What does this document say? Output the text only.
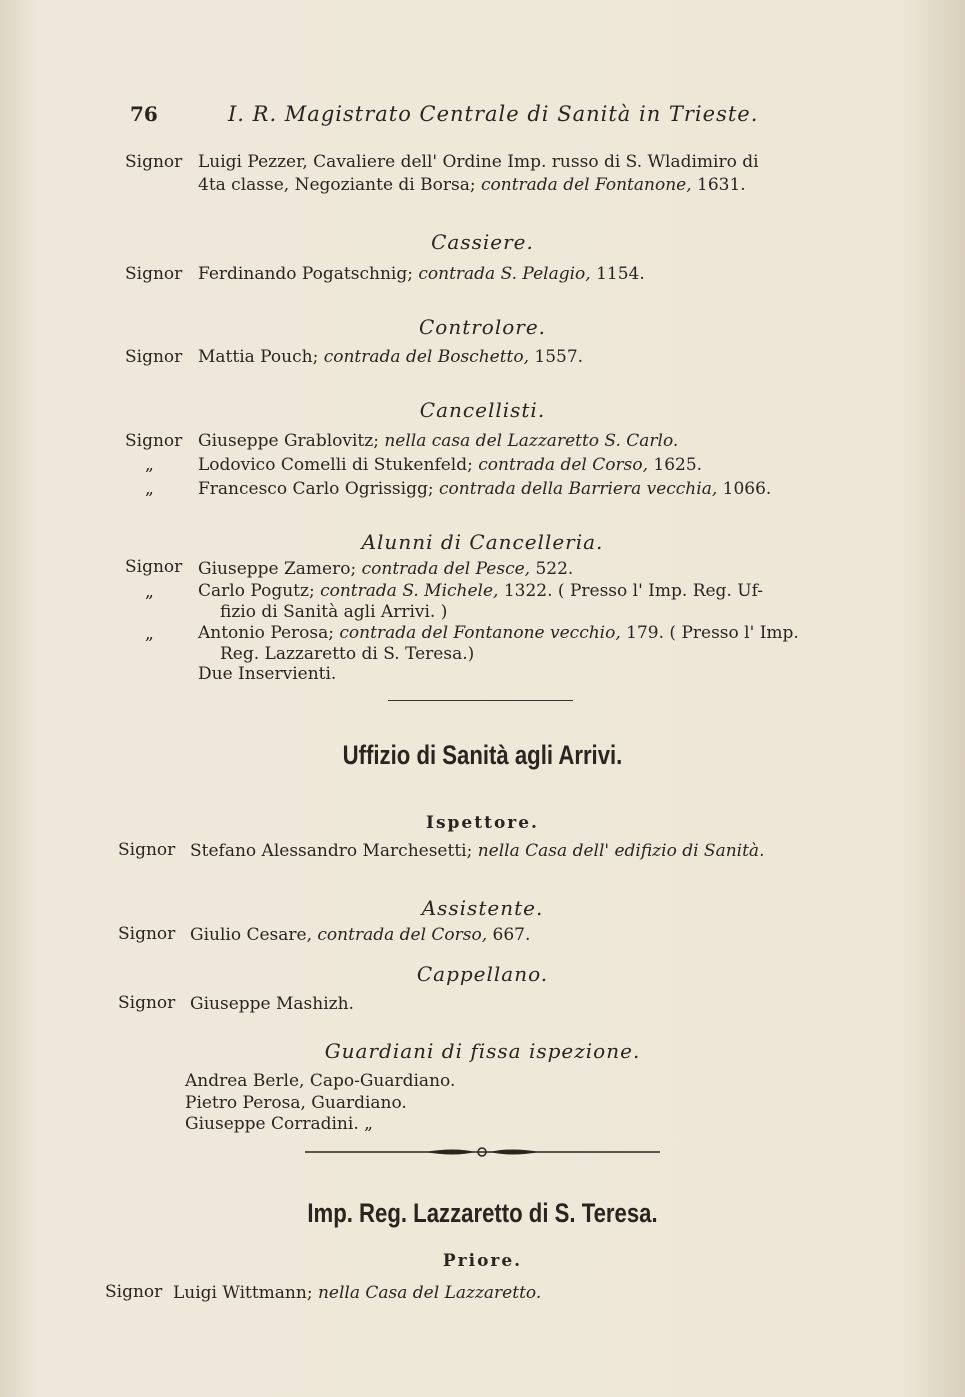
76	I. R. Magistrato Centrale di Sanità in Trieste.
Signor Luigi Pezzer, Cavaliere dell' Ordine Imp. russo di S. Wladimiro di
4ta classe, Negoziante di Borsa; contrada del Fontanone, 1631.
Cassiere.
Signor Ferdinando Pogatschnig; contrada S. Pelagio, 1154.
Controlore.
Signor Mattia Pouch; contrada del Boschetto, 1557.
Cancellisti.
Signor Giuseppe Grablovitz; nella casa del Lazzaretto S. Carlo.
„	Lodovico Comelli di Stukenfeld; contrada del Corso, 1625.
„	Francesco Carlo Ogrissigg; contrada della Barriera vecchia, 1066.
Alunni di Cancelleria.
Signor Giuseppe Zamero; contrada del Pesce, 522.
„	Carlo Pogutz; contrada S. Michele, 1322. ( Presso l' Imp. Reg. Uf-
fizio di Sanità agli Arrivi. )
„	Antonio Perosa; contrada del Fontanone vecchio, 179. ( Presso l' Imp.
Reg. Lazzaretto di S. Teresa.)
Due Inservienti.
Uffizio di Sanità agli Arrivi.
Ispettore.
Signor Stefano Alessandro Marchesetti; nella Casa dell' edifizio di Sanità.
Assistente.
Signor Giulio Cesare, contrada del Corso, 667.
Cappellano.
Signor Giuseppe Mashizh.
Guardiani di fissa ispezione.
Andrea Berle, Capo-Guardiano.
Pietro Perosa, Guardiano.
Giuseppe Corradini. „
Imp. Reg. Lazzaretto di S. Teresa.
Priore.
Signor Luigi Wittmann; nella Casa del Lazzaretto.
